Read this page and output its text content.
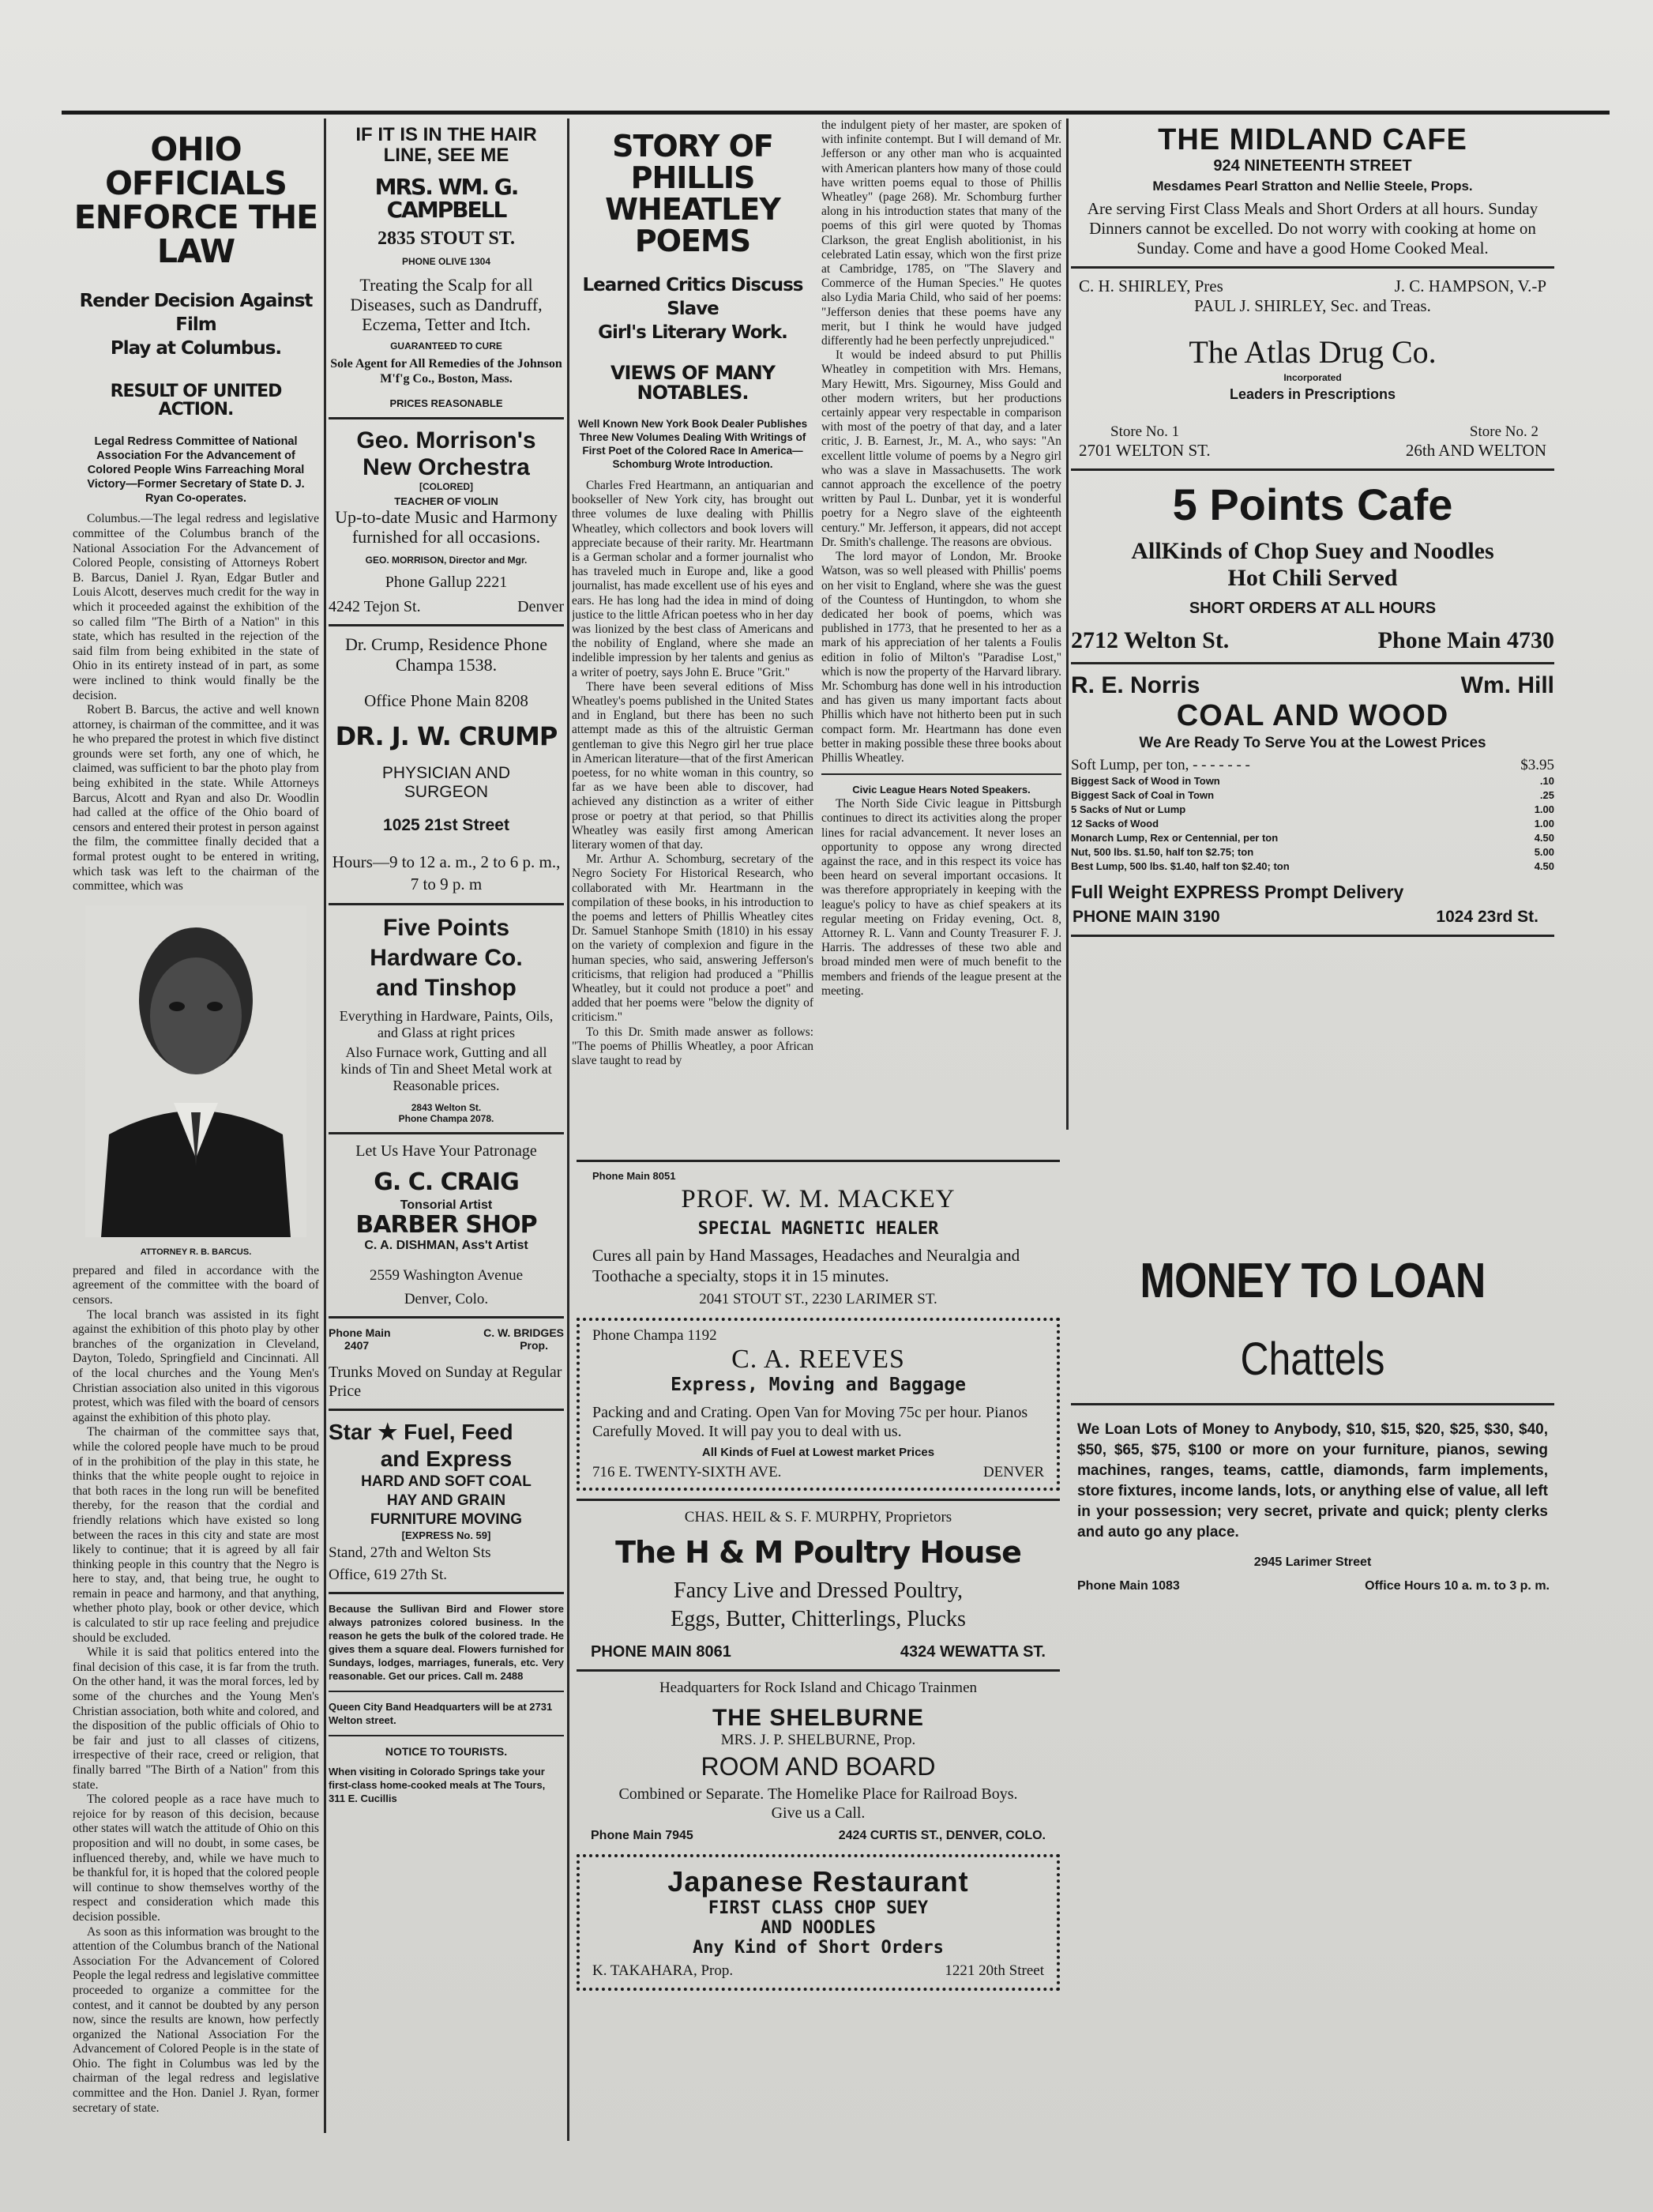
OHIO OFFICIALS
ENFORCE THE LAW
Render Decision Against Film
Play at Columbus.
RESULT OF UNITED ACTION.
Legal Redress Committee of National Association For the Advancement of Colored People Wins Farreaching Moral Victory—Former Secretary of State D. J. Ryan Co-operates.

Columbus.—The legal redress and legislative committee of the Columbus branch of the National Association For the Advancement of Colored People, consisting of Attorneys Robert B. Barcus, Daniel J. Ryan, Edgar Butler and Louis Alcott, deserves much credit for the way in which it proceeded against the exhibition of the so called film "The Birth of a Nation" in this state, which has resulted in the rejection of the said film from being exhibited in the state of Ohio in its entirety instead of in part, as some were inclined to think would finally be the decision.

Robert B. Barcus, the active and well known attorney, is chairman of the committee, and it was he who prepared the protest in which five distinct grounds were set forth, any one of which, he claimed, was sufficient to bar the photo play from being exhibited in the state. While Attorneys Barcus, Alcott and Ryan and also Dr. Woodlin had called at the office of the Ohio board of censors and entered their protest in person against the film, the committee finally decided that a formal protest ought to be entered in writing, which task was left to the chairman of the committee, which was

ATTORNEY R. B. BARCUS.

prepared and filed in accordance with the agreement of the committee with the board of censors.

The local branch was assisted in its fight against the exhibition of this photo play by other branches of the organization in Cleveland, Dayton, Toledo, Springfield and Cincinnati. All of the local churches and the Young Men's Christian association also united in this vigorous protest, which was filed with the board of censors against the exhibition of this photo play.

The chairman of the committee says that, while the colored people have much to be proud of in the prohibition of the play in this state, he thinks that the white people ought to rejoice in that both races in the long run will be benefited thereby, for the reason that the cordial and friendly relations which have existed so long between the races in this city and state are most likely to continue; that it is agreed by all fair thinking people in this country that the Negro is here to stay, and, that being true, he ought to remain in peace and harmony, and that anything, whether photo play, book or other device, which is calculated to stir up race feeling and prejudice should be excluded.

While it is said that politics entered into the final decision of this case, it is far from the truth. On the other hand, it was the moral forces, led by some of the churches and the Young Men's Christian association, both white and colored, and the disposition of the public officials of Ohio to be fair and just to all classes of citizens, irrespective of their race, creed or religion, that finally barred "The Birth of a Nation" from this state.

The colored people as a race have much to rejoice for by reason of this decision, because other states will watch the attitude of Ohio on this proposition and will no doubt, in some cases, be influenced thereby, and, while we have much to be thankful for, it is hoped that the colored people will continue to show themselves worthy of the respect and consideration which made this decision possible.

As soon as this information was brought to the attention of the Columbus branch of the National Association For the Advancement of Colored People the legal redress and legislative committee proceeded to organize a committee for the contest, and it cannot be doubted by any person now, since the results are known, how perfectly organized the National Association For the Advancement of Colored People is in the state of Ohio. The fight in Columbus was led by the chairman of the legal redress and legislative committee and the Hon. Daniel J. Ryan, former secretary of state.

IF IT IS IN THE HAIR
LINE, SEE ME
MRS. WM. G. CAMPBELL
2835 STOUT ST.
PHONE OLIVE 1304
Treating the Scalp for all Diseases, such as Dandruff, Eczema, Tetter and Itch.
GUARANTEED TO CURE
Sole Agent for All Remedies of the Johnson M'f'g Co., Boston, Mass.
PRICES REASONABLE
Geo. Morrison's
New Orchestra
[COLORED]
TEACHER OF VIOLIN
Up-to-date Music and Harmony furnished for all occasions.
GEO. MORRISON, Director and Mgr.
Phone Gallup 2221
4242 Tejon St.	Denver
Dr. Crump, Residence Phone Champa 1538.
Office Phone Main 8208
DR. J. W. CRUMP
PHYSICIAN AND
SURGEON
1025 21st Street
Hours—9 to 12 a. m., 2 to 6 p. m., 7 to 9 p. m
Five Points
Hardware Co.
and Tinshop
Everything in Hardware, Paints, Oils, and Glass at right prices
Also Furnace work, Gutting and all kinds of Tin and Sheet Metal work at Reasonable prices.
2843 Welton St.
Phone Champa 2078.
Let Us Have Your Patronage
G. C. CRAIG
Tonsorial Artist
BARBER SHOP
C. A. DISHMAN, Ass't Artist
2559 Washington Avenue
Denver, Colo.
Phone Main	C. W. BRIDGES
2407	Prop.
Trunks Moved on Sunday at Regular Price
Star ★ Fuel, Feed
and Express
HARD AND SOFT COAL
HAY AND GRAIN
FURNITURE MOVING
[EXPRESS No. 59]
Stand, 27th and Welton Sts
Office, 619 27th St.
Because the Sullivan Bird and Flower store always patronizes colored business. In the reason he gets the bulk of the colored trade. He gives them a square deal. Flowers furnished for Sundays, lodges, marriages, funerals, etc. Very reasonable. Get our prices. Call m. 2488
Queen City Band Headquarters will be at 2731 Welton street.
NOTICE TO TOURISTS.
When visiting in Colorado Springs take your first-class home-cooked meals at The Tours, 311 E. Cucillis
STORY OF PHILLIS
WHEATLEY POEMS
Learned Critics Discuss Slave
Girl's Literary Work.
VIEWS OF MANY NOTABLES.
Well Known New York Book Dealer Publishes Three New Volumes Dealing With Writings of First Poet of the Colored Race In America—Schomburg Wrote Introduction.

Charles Fred Heartmann, an antiquarian and bookseller of New York city, has brought out three volumes de luxe dealing with Phillis Wheatley, which collectors and book lovers will appreciate because of their rarity. Mr. Heartmann is a German scholar and a former journalist who has traveled much in Europe and, like a good journalist, has made excellent use of his eyes and ears. He has long had the idea in mind of doing justice to the little African poetess who in her day was lionized by the best class of Americans and the nobility of England, where she made an indelible impression by her talents and genius as a writer of poetry, says John E. Bruce "Grit."

There have been several editions of Miss Wheatley's poems published in the United States and in England, but there has been no such attempt made as this of the altruistic German gentleman to give this Negro girl her true place in American literature—that of the first American poetess, for no white woman in this country, so far as we have been able to discover, had achieved any distinction as a writer of either prose or poetry at that period, so that Phillis Wheatley was easily first among American literary women of that day.

Mr. Arthur A. Schomburg, secretary of the Negro Society For Historical Research, who collaborated with Mr. Heartmann in the compilation of these books, in his introduction to the poems and letters of Phillis Wheatley cites Dr. Samuel Stanhope Smith (1810) in his essay on the variety of complexion and figure in the human species, who said, answering Jefferson's criticisms, that religion had produced a "Phillis Wheatley, but it could not produce a poet" and added that her poems were "below the dignity of criticism."

To this Dr. Smith made answer as follows: "The poems of Phillis Wheatley, a poor African slave taught to read by

the indulgent piety of her master, are spoken of with infinite contempt. But I will demand of Mr. Jefferson or any other man who is acquainted with American planters how many of those could have written poems equal to those of Phillis Wheatley" (page 268). Mr. Schomburg further along in his introduction states that many of the poems of this girl were quoted by Thomas Clarkson, the great English abolitionist, in his celebrated Latin essay, which won the first prize at Cambridge, 1785, on "The Slavery and Commerce of the Human Species." He quotes also Lydia Maria Child, who said of her poems: "Jefferson denies that these poems have any merit, but I think he would have judged differently had he been perfectly unprejudiced."

It would be indeed absurd to put Phillis Wheatley in competition with Mrs. Hemans, Mary Hewitt, Mrs. Sigourney, Miss Gould and other modern writers, but her productions certainly appear very respectable in comparison with most of the poetry of that day, and a later critic, J. B. Earnest, Jr., M. A., who says: "An excellent little volume of poems by a Negro girl who was a slave in Massachusetts. The work cannot approach the excellence of the poetry written by Paul L. Dunbar, yet it is wonderful poetry for a Negro slave of the eighteenth century." Mr. Jefferson, it appears, did not accept Dr. Smith's challenge. The reasons are obvious.

The lord mayor of London, Mr. Brooke Watson, was so well pleased with Phillis' poems on her visit to England, where she was the guest of the Countess of Huntingdon, to whom she dedicated her book of poems, which was published in 1773, that he presented to her as a mark of his appreciation of her talents a Foulis edition in folio of Milton's "Paradise Lost," which is now the property of the Harvard library. Mr. Schomburg has done well in his introduction and has given us many important facts about Phillis which have not hitherto been put in such compact form. Mr. Heartmann has done even better in making possible these three books about Phillis Wheatley.

Civic League Hears Noted Speakers.

The North Side Civic league in Pittsburgh continues to direct its activities along the proper lines for racial advancement. It never loses an opportunity to oppose any wrong directed against the race, and in this respect its voice has been heard on several important occasions. It was therefore appropriately in keeping with the league's policy to have as chief speakers at its regular meeting on Friday evening, Oct. 8, Attorney R. L. Vann and County Treasurer F. J. Harris. The addresses of these two able and broad minded men were of much benefit to the members and friends of the league present at the meeting.

Phone Main 8051
PROF. W. M. MACKEY
SPECIAL MAGNETIC HEALER
Cures all pain by Hand Massages, Headaches and Neuralgia and Toothache a specialty, stops it in 15 minutes.
2041 STOUT ST., 2230 LARIMER ST.
Phone Champa 1192
C. A. REEVES
Express, Moving and Baggage
Packing and and Crating. Open Van for Moving 75c per hour. Pianos Carefully Moved. It will pay you to deal with us.
All Kinds of Fuel at Lowest market Prices
716 E. TWENTY-SIXTH AVE.	DENVER
CHAS. HEIL & S. F. MURPHY, Proprietors
The H & M Poultry House
Fancy Live and Dressed Poultry,
Eggs, Butter, Chitterlings, Plucks
PHONE MAIN 8061	4324 WEWATTA ST.
Headquarters for Rock Island and Chicago Trainmen
THE SHELBURNE
MRS. J. P. SHELBURNE, Prop.
ROOM AND BOARD
Combined or Separate. The Homelike Place for Railroad Boys. Give us a Call.
Phone Main 7945	2424 CURTIS ST., DENVER, COLO.
Japanese Restaurant
FIRST CLASS CHOP SUEY
AND NOODLES
Any Kind of Short Orders
K. TAKAHARA, Prop.	1221 20th Street
THE MIDLAND CAFE
924 NINETEENTH STREET
Mesdames Pearl Stratton and Nellie Steele, Props.
Are serving First Class Meals and Short Orders at all hours. Sunday Dinners cannot be excelled. Do not worry with cooking at home on Sunday. Come and have a good Home Cooked Meal.
C. H. SHIRLEY, Pres	J. C. HAMPSON, V.-P
PAUL J. SHIRLEY, Sec. and Treas.
The Atlas Drug Co.
Incorporated
Leaders in Prescriptions
Store No. 1	Store No. 2
2701 WELTON ST.	26th AND WELTON
5 Points Cafe
AllKinds of Chop Suey and Noodles
Hot Chili Served
SHORT ORDERS AT ALL HOURS
2712 Welton St.	Phone Main 4730
R. E. Norris	Wm. Hill
COAL AND WOOD
We Are Ready To Serve You at the Lowest Prices
Soft Lump, per ton, - - - - - - -	$3.95
Biggest Sack of Wood in Town	.10
Biggest Sack of Coal in Town	.25
5 Sacks of Nut or Lump	1.00
12 Sacks of Wood	1.00
Monarch Lump, Rex or Centennial, per ton	4.50
Nut, 500 lbs. $1.50, half ton $2.75; ton	5.00
Best Lump, 500 lbs. $1.40, half ton $2.40; ton	4.50
Full Weight EXPRESS Prompt Delivery
PHONE MAIN 3190	1024 23rd St.
MONEY TO LOAN
Chattels
We Loan Lots of Money to Anybody, $10, $15, $20, $25, $30, $40, $50, $65, $75, $100 or more on your furniture, pianos, sewing machines, ranges, teams, cattle, diamonds, farm implements, store fixtures, income lands, lots, or anything else of value, all left in your possession; very secret, private and quick; plenty clerks and auto go any place.
2945 Larimer Street
Phone Main 1083	Office Hours 10 a. m. to 3 p. m.
